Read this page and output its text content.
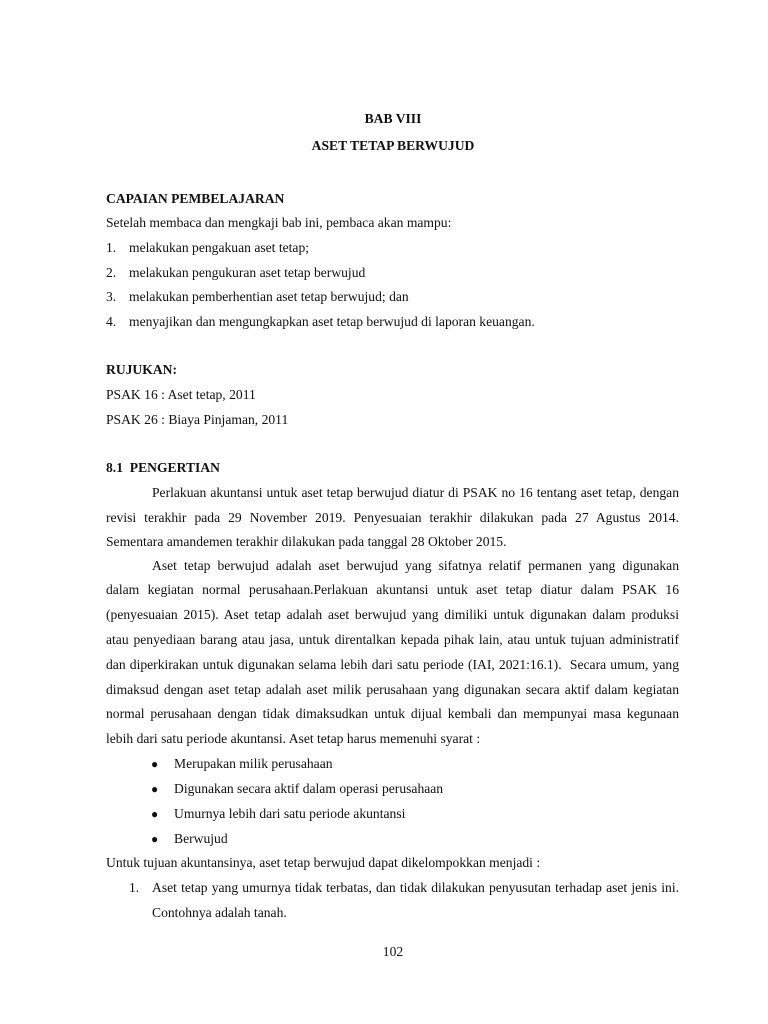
BAB VIII
ASET TETAP BERWUJUD
CAPAIAN PEMBELAJARAN
Setelah membaca dan mengkaji bab ini, pembaca akan mampu:
1. melakukan pengakuan aset tetap;
2. melakukan pengukuran aset tetap berwujud
3. melakukan pemberhentian aset tetap berwujud; dan
4. menyajikan dan mengungkapkan aset tetap berwujud di laporan keuangan.
RUJUKAN:
PSAK 16 : Aset tetap, 2011
PSAK 26 : Biaya Pinjaman, 2011
8.1  PENGERTIAN
Perlakuan akuntansi untuk aset tetap berwujud diatur di PSAK no 16 tentang aset tetap, dengan
revisi terakhir pada 29 November 2019. Penyesuaian terakhir dilakukan pada 27 Agustus 2014.
Sementara amandemen terakhir dilakukan pada tanggal 28 Oktober 2015.
Aset tetap berwujud adalah aset berwujud yang sifatnya relatif permanen yang digunakan
dalam kegiatan normal perusahaan.Perlakuan akuntansi untuk aset tetap diatur dalam PSAK 16
(penyesuaian 2015). Aset tetap adalah aset berwujud yang dimiliki untuk digunakan dalam produksi
atau penyediaan barang atau jasa, untuk direntalkan kepada pihak lain, atau untuk tujuan administratif
dan diperkirakan untuk digunakan selama lebih dari satu periode (IAI, 2021:16.1).  Secara umum, yang
dimaksud dengan aset tetap adalah aset milik perusahaan yang digunakan secara aktif dalam kegiatan
normal perusahaan dengan tidak dimaksudkan untuk dijual kembali dan mempunyai masa kegunaan
lebih dari satu periode akuntansi. Aset tetap harus memenuhi syarat :
● Merupakan milik perusahaan
● Digunakan secara aktif dalam operasi perusahaan
● Umurnya lebih dari satu periode akuntansi
● Berwujud
Untuk tujuan akuntansinya, aset tetap berwujud dapat dikelompokkan menjadi :
1. Aset tetap yang umurnya tidak terbatas, dan tidak dilakukan penyusutan terhadap aset jenis ini.
Contohnya adalah tanah.
102
